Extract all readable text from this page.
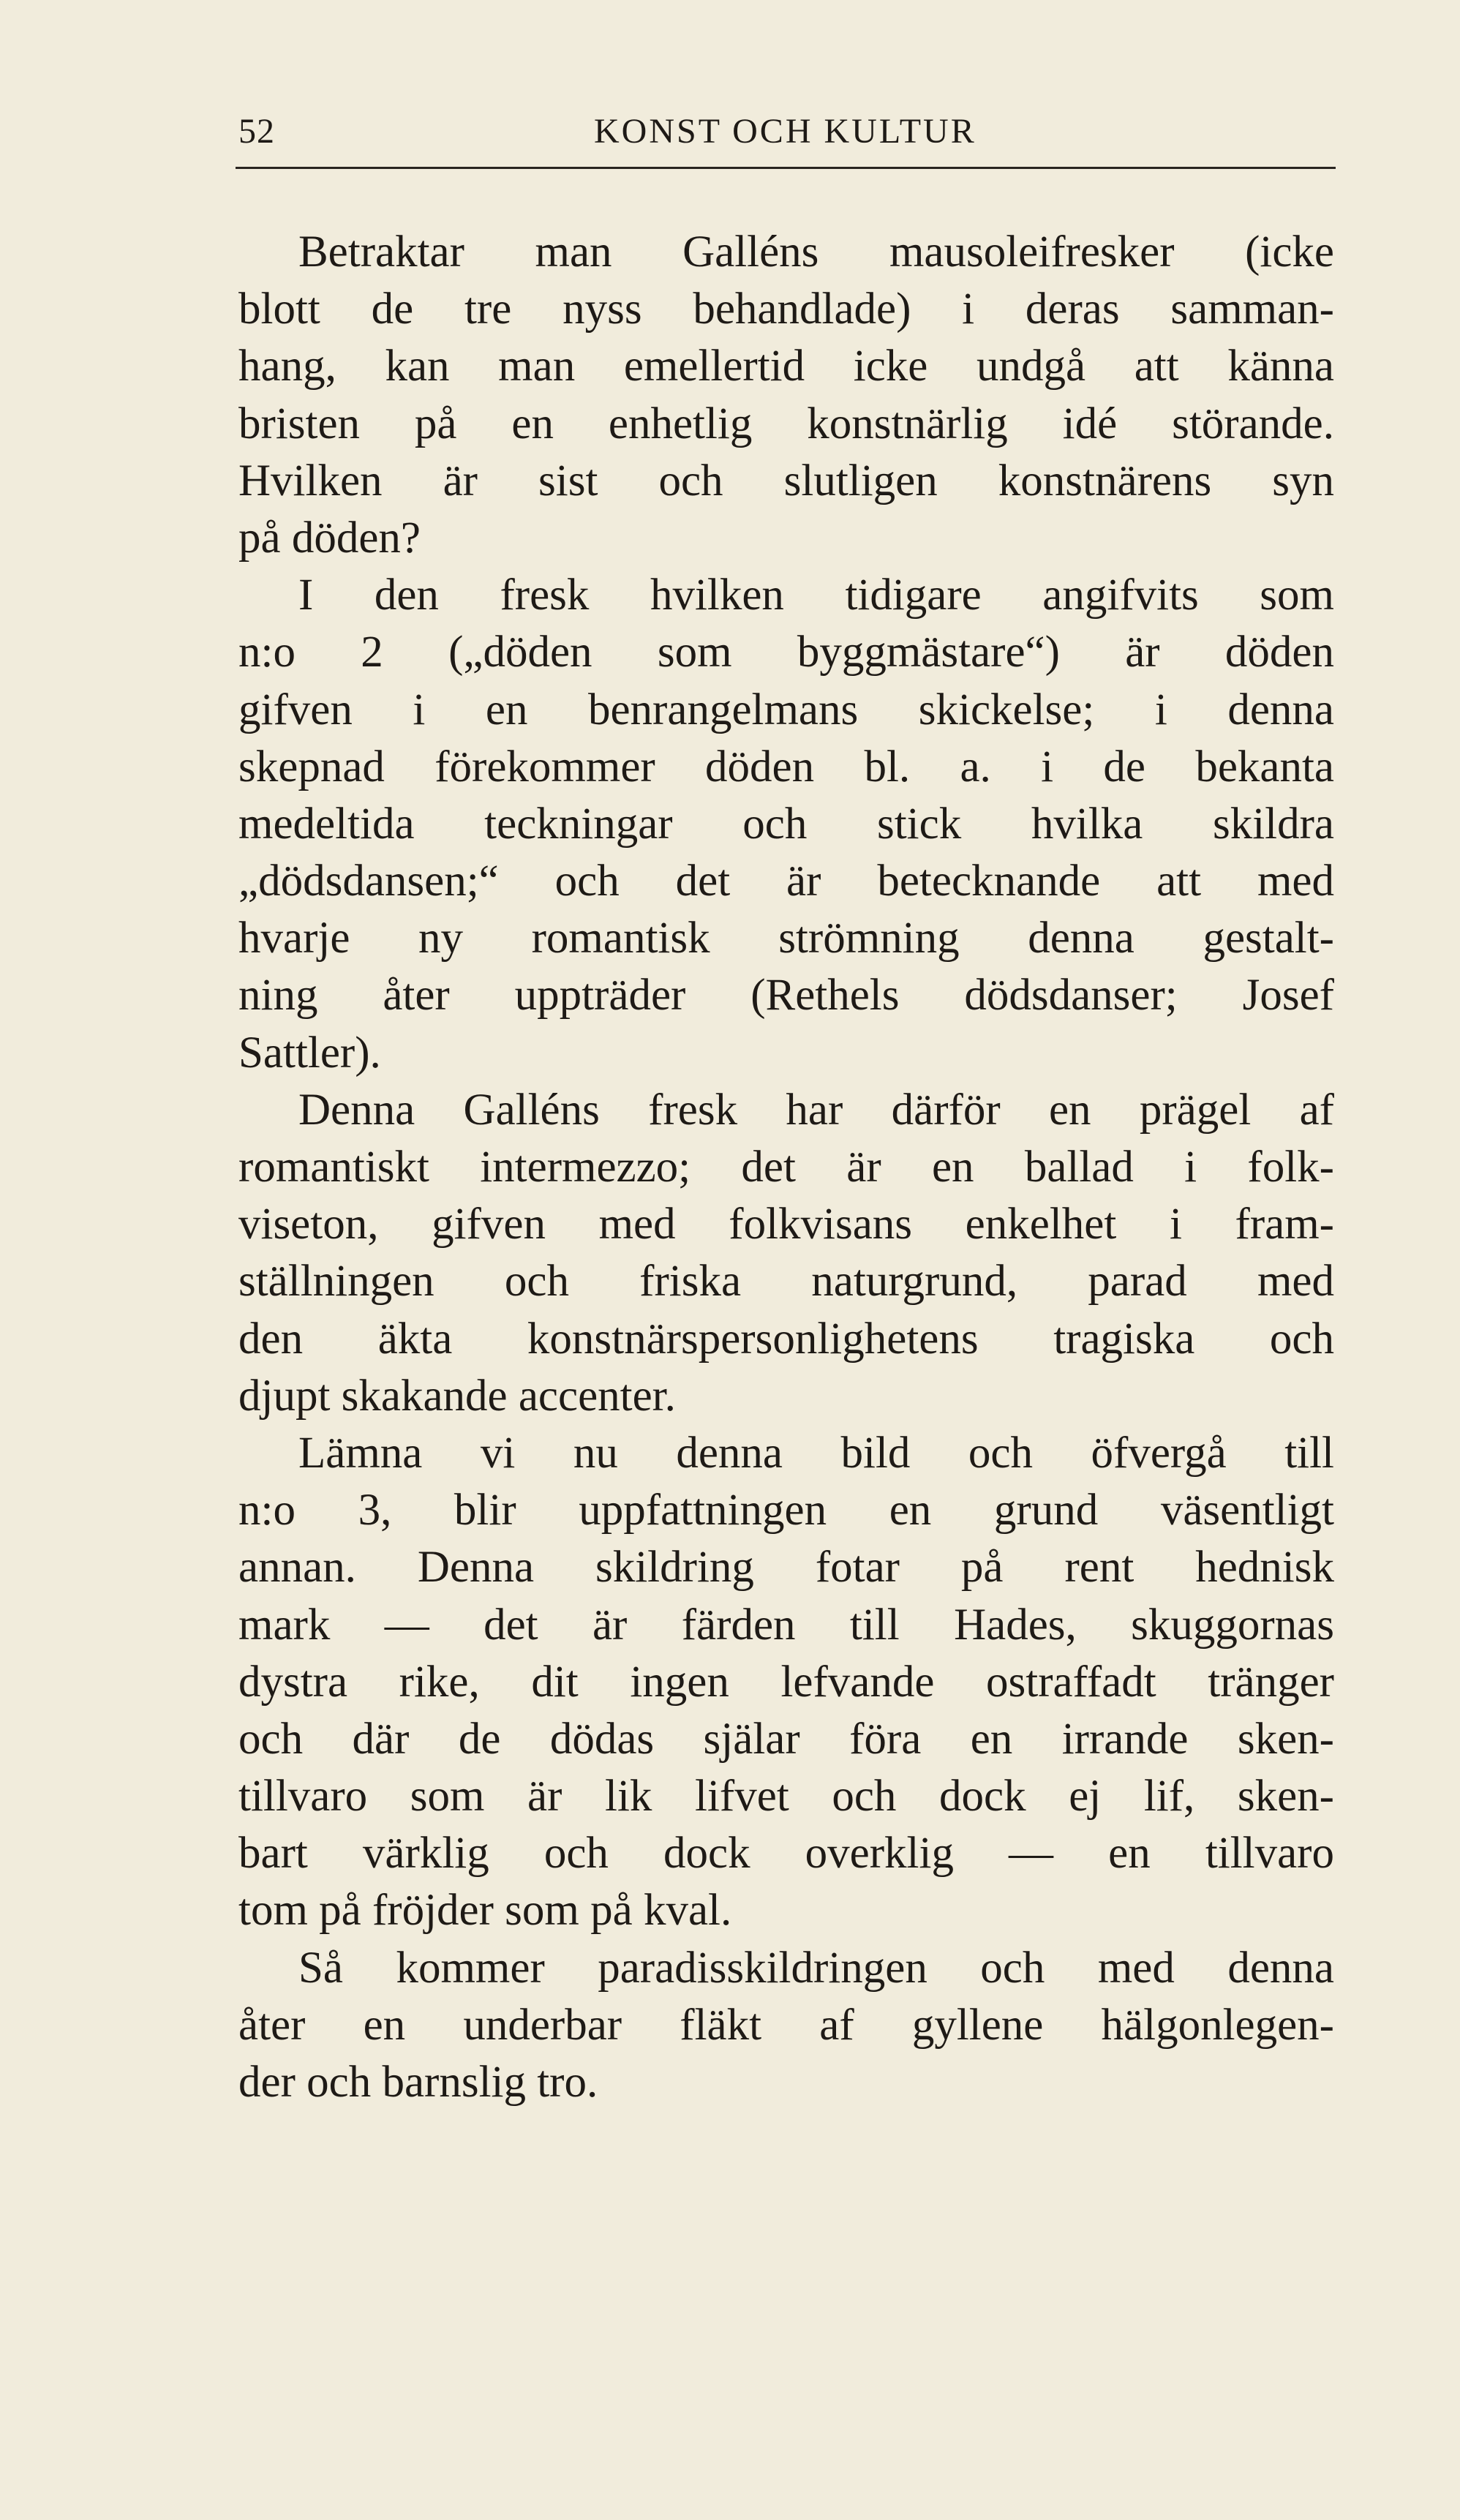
52	KONST OCH KULTUR
Betraktar man Galléns mausoleifresker (icke
blott de tre nyss behandlade) i deras samman-
hang, kan man emellertid icke undgå att känna
bristen på en enhetlig konstnärlig idé störande.
Hvilken är sist och slutligen konstnärens syn
på döden?
I den fresk hvilken tidigare angifvits som
n:o 2 („döden som byggmästare“) är döden
gifven i en benrangelmans skickelse; i denna
skepnad förekommer döden bl. a. i de bekanta
medeltida teckningar och stick hvilka skildra
„dödsdansen;“ och det är betecknande att med
hvarje ny romantisk strömning denna gestalt-
ning åter uppträder (Rethels dödsdanser; Josef
Sattler).
Denna Galléns fresk har därför en prägel af
romantiskt intermezzo; det är en ballad i folk-
viseton, gifven med folkvisans enkelhet i fram-
ställningen och friska naturgrund, parad med
den äkta konstnärspersonlighetens tragiska och
djupt skakande accenter.
Lämna vi nu denna bild och öfvergå till
n:o 3, blir uppfattningen en grund väsentligt
annan. Denna skildring fotar på rent hednisk
mark — det är färden till Hades, skuggornas
dystra rike, dit ingen lefvande ostraffadt tränger
och där de dödas själar föra en irrande sken-
tillvaro som är lik lifvet och dock ej lif, sken-
bart värklig och dock overklig — en tillvaro
tom på fröjder som på kval.
Så kommer paradisskildringen och med denna
åter en underbar fläkt af gyllene hälgonlegen-
der och barnslig tro.
